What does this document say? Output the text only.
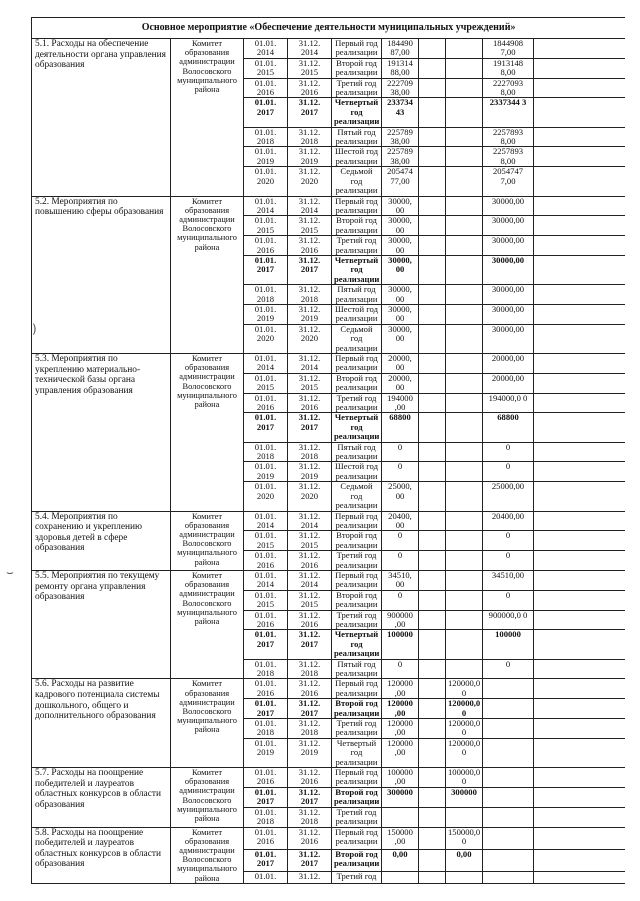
)
⌣
Основное мероприятие «Обеспечение деятельности муниципальных учреждений»									
5.1. Расходы на обеспечение деятельности органа управления образования	Комитет образования администрации Волосовского муниципального района	01.01. 2014	31.12. 2014	Первый год реализации	184490 87,00			1844908 7,00	
		01.01. 2015	31.12. 2015	Второй год реализации	191314 88,00			1913148 8,00	
		01.01. 2016	31.12. 2016	Третий год реализации	222709 38,00			2227093 8,00	
		01.01. 2017	31.12. 2017	Четвертый год реализации	233734 43			2337344 3	
		01.01. 2018	31.12. 2018	Пятый год реализации	225789 38,00			2257893 8,00	
		01.01. 2019	31.12. 2019	Шестой год реализации	225789 38,00			2257893 8,00	
		01.01. 2020	31.12. 2020	Седьмой год реализации	205474 77,00			2054747 7,00	
5.2. Мероприятия по повышению сферы образования	Комитет образования администрации Волосовского муниципального района	01.01. 2014	31.12. 2014	Первый год реализации	30000, 00			30000,00	
		01.01. 2015	31.12. 2015	Второй год реализации	30000, 00			30000,00	
		01.01. 2016	31.12. 2016	Третий год реализации	30000, 00			30000,00	
		01.01. 2017	31.12. 2017	Четвертый год реализации	30000, 00			30000,00	
		01.01. 2018	31.12. 2018	Пятый год реализации	30000, 00			30000,00	
		01.01. 2019	31.12. 2019	Шестой год реализации	30000, 00			30000,00	
		01.01. 2020	31.12. 2020	Седьмой год реализации	30000, 00			30000,00	
5.3. Мероприятия по укреплению материально-технической базы органа управления образования	Комитет образования администрации Волосовского муниципального района	01.01. 2014	31.12. 2014	Первый год реализации	20000, 00			20000,00	
		01.01. 2015	31.12. 2015	Второй год реализации	20000, 00			20000,00	
		01.01. 2016	31.12. 2016	Третий год реализации	194000 ,00			194000,0 0	
		01.01. 2017	31.12. 2017	Четвертый год реализации	68800			68800	
		01.01. 2018	31.12. 2018	Пятый год реализации	0			0	
		01.01. 2019	31.12. 2019	Шестой год реализации	0			0	
		01.01. 2020	31.12. 2020	Седьмой год реализации	25000, 00			25000,00	
5.4. Мероприятия по сохранению и укреплению здоровья детей в сфере образования	Комитет образования администрации Волосовского муниципального района	01.01. 2014	31.12. 2014	Первый год реализации	20400, 00			20400,00	
		01.01. 2015	31.12. 2015	Второй год реализации	0			0	
		01.01. 2016	31.12. 2016	Третий год реализации	0			0	
5.5. Мероприятия по текущему ремонту органа управления образования	Комитет образования администрации Волосовского муниципального района	01.01. 2014	31.12. 2014	Первый год реализации	34510, 00			34510,00	
		01.01. 2015	31.12. 2015	Второй год реализации	0			0	
		01.01. 2016	31.12. 2016	Третий год реализации	900000 ,00			900000,0 0	
		01.01. 2017	31.12. 2017	Четвертый год реализации	100000			100000	
		01.01. 2018	31.12. 2018	Пятый год реализации	0			0	
5.6. Расходы на развитие кадрового потенциала системы дошкольного, общего и дополнительного образования	Комитет образования администрации Волосовского муниципального района	01.01. 2016	31.12. 2016	Первый год реализации	120000 ,00		120000,0 0		
		01.01. 2017	31.12. 2017	Второй год реализации	120000 ,00		120000,0 0		
		01.01. 2018	31.12. 2018	Третий год реализации	120000 ,00		120000,0 0		
		01.01. 2019	31.12. 2019	Четвертый год реализации	120000 ,00		120000,0 0		
5.7. Расходы на поощрение победителей и лауреатов областных конкурсов в области образования	Комитет образования администрации Волосовского муниципального района	01.01. 2016	31.12. 2016	Первый год реализации	100000 ,00		100000,0 0		
		01.01. 2017	31.12. 2017	Второй год реализации	300000		300000		
		01.01. 2018	31.12. 2018	Третий год реализации					
5.8. Расходы на поощрение победителей и лауреатов областных конкурсов в области образования	Комитет образования администрации Волосовского муниципального района	01.01. 2016	31.12. 2016	Первый год реализации	150000 ,00		150000,0 0		
		01.01. 2017	31.12. 2017	Второй год реализации	0,00		0,00		
		01.01.	31.12.	Третий год					
